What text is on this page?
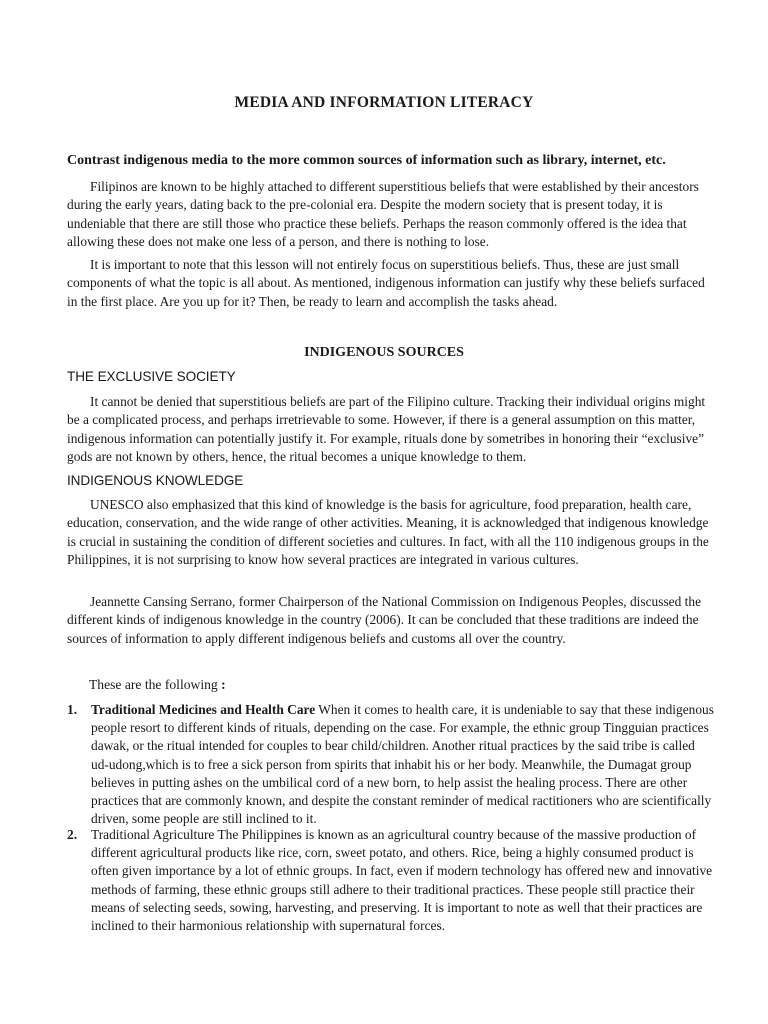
MEDIA AND INFORMATION LITERACY
Contrast indigenous media to the more common sources of information such as library, internet, etc.

Filipinos are known to be highly attached to different superstitious beliefs that were established by their ancestors during the early years, dating back to the pre-colonial era. Despite the modern society that is present today, it is undeniable that there are still those who practice these beliefs. Perhaps the reason commonly offered is the idea that allowing these does not make one less of a person, and there is nothing to lose.

It is important to note that this lesson will not entirely focus on superstitious beliefs. Thus, these are just small components of what the topic is all about. As mentioned, indigenous information can justify why these beliefs surfaced in the first place. Are you up for it? Then, be ready to learn and accomplish the tasks ahead.

INDIGENOUS SOURCES
THE EXCLUSIVE SOCIETY

It cannot be denied that superstitious beliefs are part of the Filipino culture. Tracking their individual origins might be a complicated process, and perhaps irretrievable to some. However, if there is a general assumption on this matter, indigenous information can potentially justify it. For example, rituals done by sometribes in honoring their “exclusive” gods are not known by others, hence, the ritual becomes a unique knowledge to them.

INDIGENOUS KNOWLEDGE

UNESCO also emphasized that this kind of knowledge is the basis for agriculture, food preparation, health care, education, conservation, and the wide range of other activities. Meaning, it is acknowledged that indigenous knowledge is crucial in sustaining the condition of different societies and cultures. In fact, with all the 110 indigenous groups in the Philippines, it is not surprising to know how several practices are integrated in various cultures.

Jeannette Cansing Serrano, former Chairperson of the National Commission on Indigenous Peoples, discussed the different kinds of indigenous knowledge in the country (2006). It can be concluded that these traditions are indeed the sources of information to apply different indigenous beliefs and customs all over the country.

These are the following :
1. Traditional Medicines and Health Care When it comes to health care, it is undeniable to say that these indigenous people resort to different kinds of rituals, depending on the case. For example, the ethnic group Tingguian practices dawak, or the ritual intended for couples to bear child/children. Another ritual practices by the said tribe is called ud-udong,which is to free a sick person from spirits that inhabit his or her body. Meanwhile, the Dumagat group believes in putting ashes on the umbilical cord of a new born, to help assist the healing process. There are other practices that are commonly known, and despite the constant reminder of medical ractitioners who are scientifically driven, some people are still inclined to it.
2. Traditional Agriculture The Philippines is known as an agricultural country because of the massive production of different agricultural products like rice, corn, sweet potato, and others. Rice, being a highly consumed product is often given importance by a lot of ethnic groups. In fact, even if modern technology has offered new and innovative methods of farming, these ethnic groups still adhere to their traditional practices. These people still practice their means of selecting seeds, sowing, harvesting, and preserving. It is important to note as well that their practices are inclined to their harmonious relationship with supernatural forces.
